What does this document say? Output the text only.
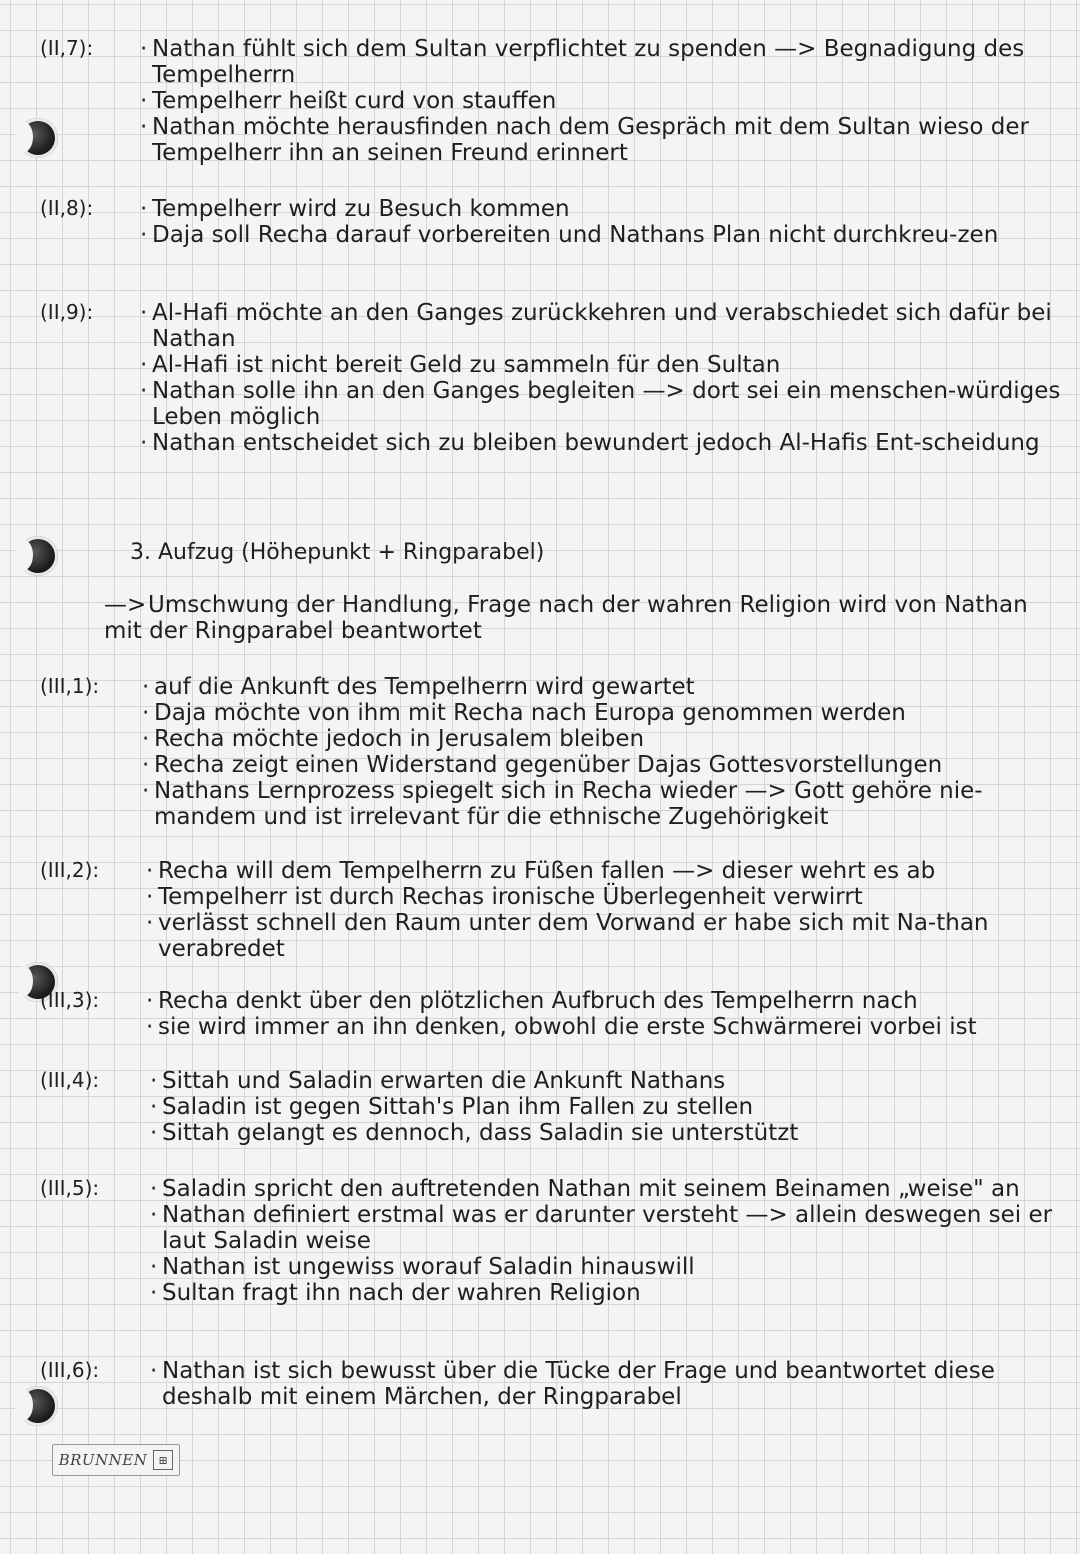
(II,7): · Nathan fühlt sich dem Sultan verpflichtet zu spenden —> Begnadigung des Tempelherrn
· Tempelherr heißt curd von stauffen
· Nathan möchte herausfinden nach dem Gespräch mit dem Sultan wieso der Tempelherr ihn an seinen Freund erinnert
(II,8): · Tempelherr wird zu Besuch kommen
· Daja soll Recha darauf vorbereiten und Nathans Plan nicht durchkreu-zen
(II,9): · Al-Hafi möchte an den Ganges zurückkehren und verabschiedet sich dafür bei Nathan
· Al-Hafi ist nicht bereit Geld zu sammeln für den Sultan
· Nathan solle ihn an den Ganges begleiten —> dort sei ein menschen-würdiges Leben möglich
· Nathan entscheidet sich zu bleiben bewundert jedoch Al-Hafis Ent-scheidung
3. Aufzug (Höhepunkt + Ringparabel)
—>Umschwung der Handlung, Frage nach der wahren Religion wird von Nathan mit der Ringparabel beantwortet
(III,1): · auf die Ankunft des Tempelherrn wird gewartet
· Daja möchte von ihm mit Recha nach Europa genommen werden
· Recha möchte jedoch in Jerusalem bleiben
· Recha zeigt einen Widerstand gegenüber Dajas Gottesvorstellungen
· Nathans Lernprozess spiegelt sich in Recha wieder —> Gott gehöre nie-mandem und ist irrelevant für die ethnische Zugehörigkeit
(III,2): · Recha will dem Tempelherrn zu Füßen fallen —> dieser wehrt es ab
· Tempelherr ist durch Rechas ironische Überlegenheit verwirrt
· verlässt schnell den Raum unter dem Vorwand er habe sich mit Na-than verabredet
(III,3): · Recha denkt über den plötzlichen Aufbruch des Tempelherrn nach
· sie wird immer an ihn denken, obwohl die erste Schwärmerei vorbei ist
(III,4): · Sittah und Saladin erwarten die Ankunft Nathans
· Saladin ist gegen Sittah's Plan ihm Fallen zu stellen
· Sittah gelangt es dennoch, dass Saladin sie unterstützt
(III,5): · Saladin spricht den auftretenden Nathan mit seinem Beinamen „weise" an
· Nathan definiert erstmal was er darunter versteht —> allein deswegen sei er laut Saladin weise
· Nathan ist ungewiss worauf Saladin hinauswill
· Sultan fragt ihn nach der wahren Religion
(III,6): · Nathan ist sich bewusst über die Tücke der Frage und beantwortet diese deshalb mit einem Märchen, der Ringparabel
BRUNNEN	⊞
